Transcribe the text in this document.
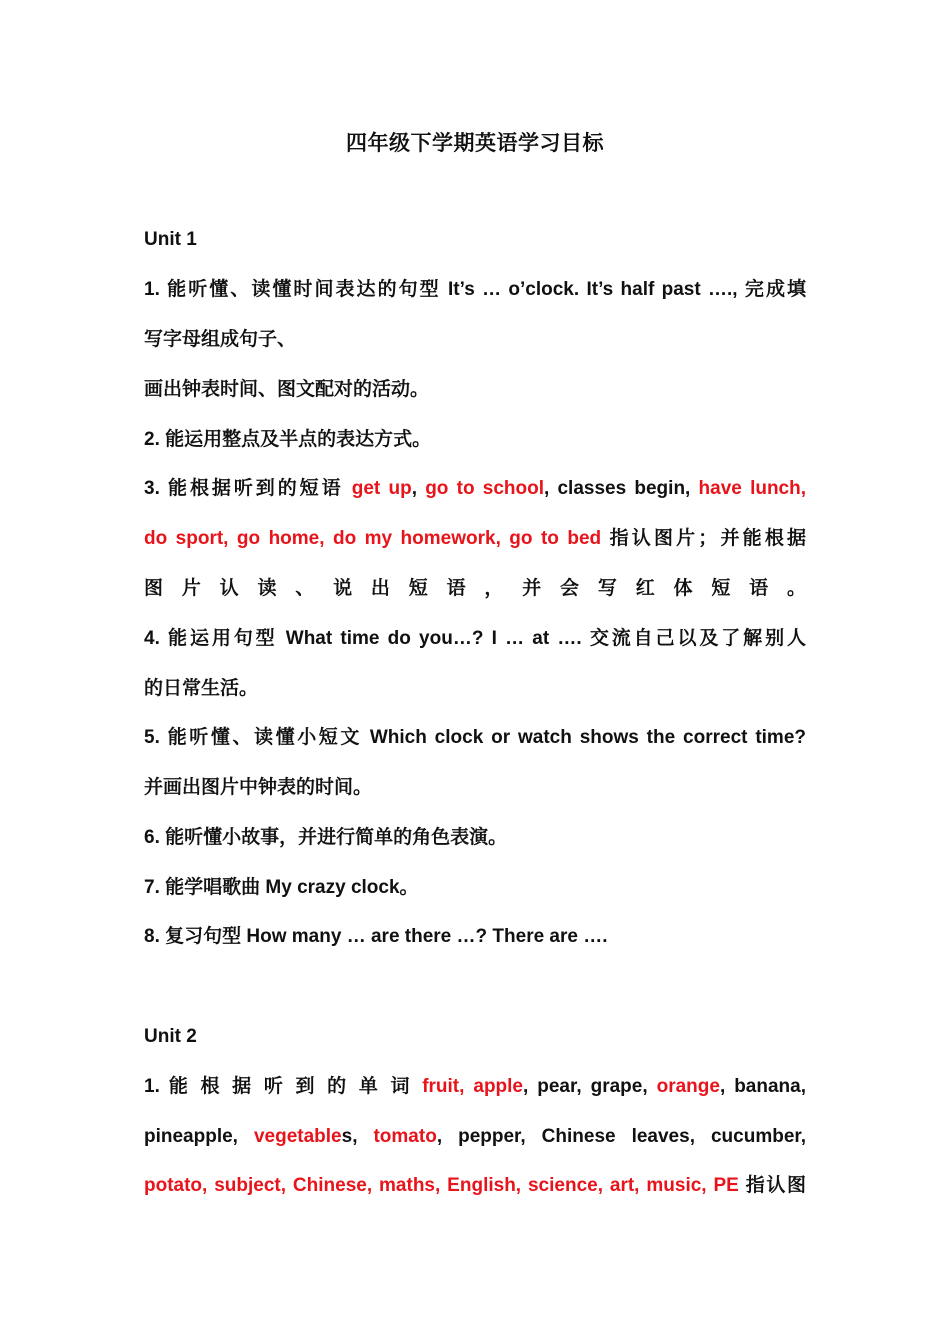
四年级下学期英语学习目标
Unit 1
1. 能听懂、读懂时间表达的句型 It’s … o’clock. It’s half past …., 完成填
写字母组成句子、
画出钟表时间、图文配对的活动。
2. 能运用整点及半点的表达方式。
3. 能根据听到的短语 get up, go to school, classes begin, have lunch,
do sport, go home, do my homework, go to bed 指认图片；并能根据
图片认读、说出短语，并会写红体短语。
4. 能运用句型 What time do you…? I … at …. 交流自己以及了解别人
的日常生活。
5. 能听懂、读懂小短文 Which clock or watch shows the correct time?
并画出图片中钟表的时间。
6. 能听懂小故事，并进行简单的角色表演。
7. 能学唱歌曲 My crazy clock。
8. 复习句型 How many … are there …? There are ….
Unit 2
1. 能 根 据 听 到 的 单 词 fruit, apple, pear, grape, orange, banana,
pineapple, vegetables, tomato, pepper, Chinese leaves, cucumber,
potato, subject, Chinese, maths, English, science, art, music, PE 指认图
